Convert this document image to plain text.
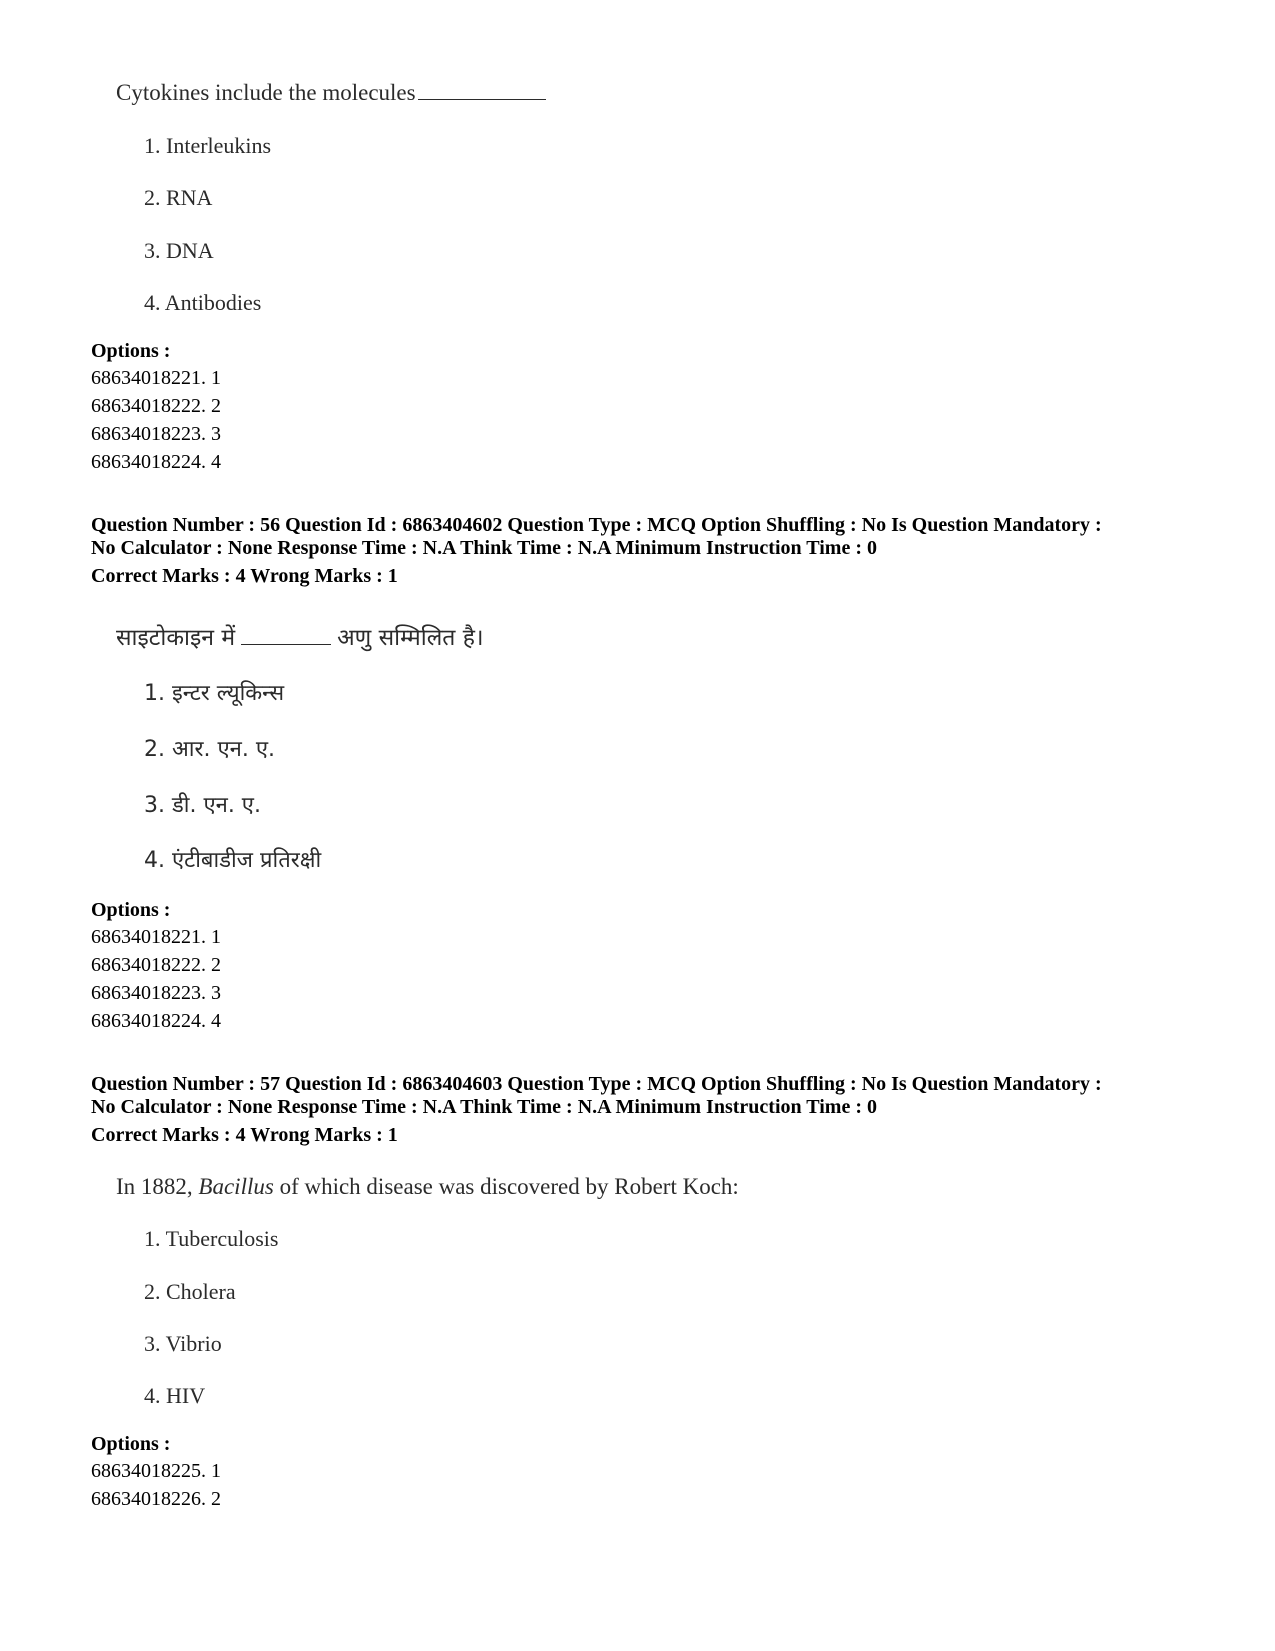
Cytokines include the molecules
1. Interleukins
2. RNA
3. DNA
4. Antibodies
Options :
68634018221. 1
68634018222. 2
68634018223. 3
68634018224. 4
Question Number : 56 Question Id : 6863404602 Question Type : MCQ Option Shuffling : No Is Question Mandatory :
No Calculator : None Response Time : N.A Think Time : N.A Minimum Instruction Time : 0
Correct Marks : 4 Wrong Marks : 1
साइटोकाइन में	अणु सम्मिलित है।
1. इन्टर ल्यूकिन्स
2. आर. एन. ए.
3. डी. एन. ए.
4. एंटीबाडीज प्रतिरक्षी
Options :
68634018221. 1
68634018222. 2
68634018223. 3
68634018224. 4
Question Number : 57 Question Id : 6863404603 Question Type : MCQ Option Shuffling : No Is Question Mandatory :
No Calculator : None Response Time : N.A Think Time : N.A Minimum Instruction Time : 0
Correct Marks : 4 Wrong Marks : 1
In 1882, Bacillus of which disease was discovered by Robert Koch:
1. Tuberculosis
2. Cholera
3. Vibrio
4. HIV
Options :
68634018225. 1
68634018226. 2
